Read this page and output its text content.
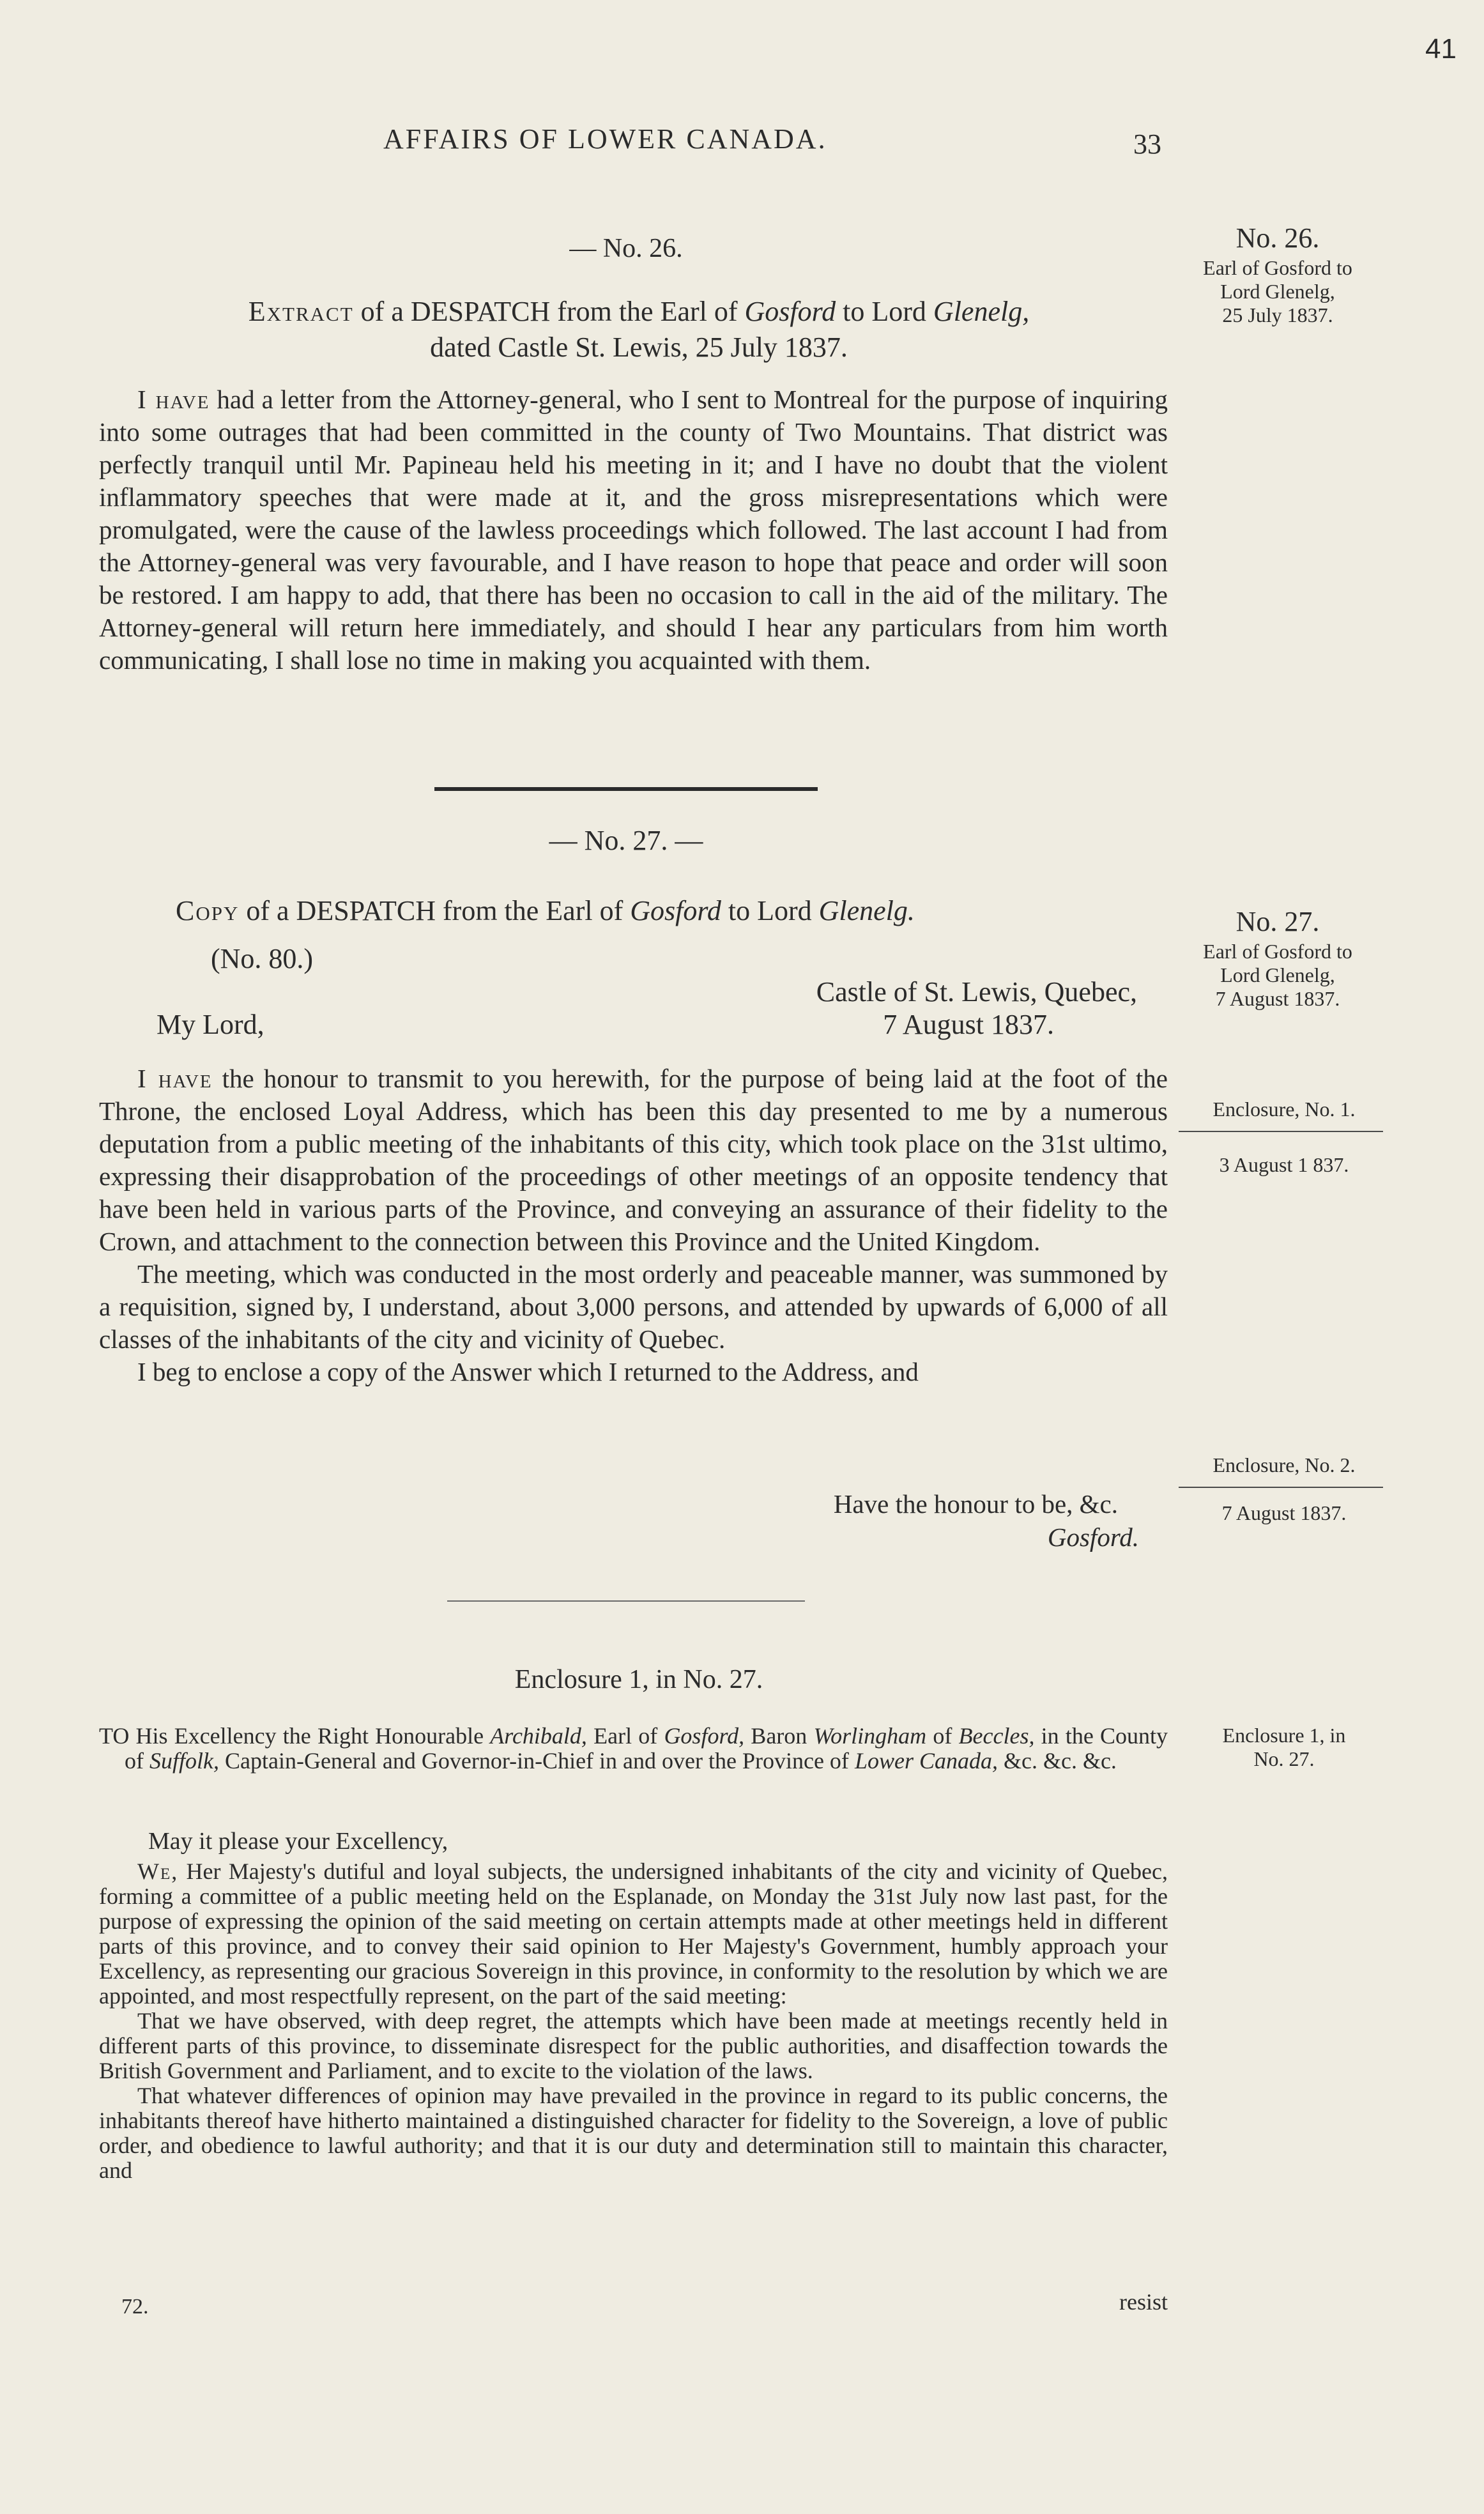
41
AFFAIRS OF LOWER CANADA.	33
— No. 26.
Extract of a DESPATCH from the Earl of Gosford to Lord Glenelg,
dated Castle St. Lewis, 25 July 1837.
No. 26.
Earl of Gosford to
Lord Glenelg,
25 July 1837.
I have had a letter from the Attorney-general, who I sent to Montreal for the purpose of inquiring into some outrages that had been committed in the county of Two Mountains. That district was perfectly tranquil until Mr. Papineau held his meeting in it; and I have no doubt that the violent inflammatory speeches that were made at it, and the gross misrepresentations which were promulgated, were the cause of the lawless proceedings which followed. The last account I had from the Attorney-general was very favourable, and I have reason to hope that peace and order will soon be restored. I am happy to add, that there has been no occasion to call in the aid of the military. The Attorney-general will return here immediately, and should I hear any particulars from him worth communicating, I shall lose no time in making you acquainted with them.
— No. 27. —
Copy of a DESPATCH from the Earl of Gosford to Lord Glenelg.
(No. 80.)
Castle of St. Lewis, Quebec,
My Lord,	7 August 1837.
No. 27.
Earl of Gosford to
Lord Glenelg,
7 August 1837.
Enclosure, No. 1.
3 August 1 837.
Enclosure, No. 2.
7 August 1837.

I have the honour to transmit to you herewith, for the purpose of being laid at the foot of the Throne, the enclosed Loyal Address, which has been this day presented to me by a numerous deputation from a public meeting of the inhabitants of this city, which took place on the 31st ultimo, expressing their disapprobation of the proceedings of other meetings of an opposite tendency that have been held in various parts of the Province, and conveying an assurance of their fidelity to the Crown, and attachment to the connection between this Province and the United Kingdom.

The meeting, which was conducted in the most orderly and peaceable manner, was summoned by a requisition, signed by, I understand, about 3,000 persons, and attended by upwards of 6,000 of all classes of the inhabitants of the city and vicinity of Quebec.

I beg to enclose a copy of the Answer which I returned to the Address, and

Have the honour to be, &c.
Gosford.
Enclosure 1, in No. 27.
Enclosure 1, in
No. 27.
TO His Excellency the Right Honourable Archibald, Earl of Gosford, Baron Worlingham of Beccles, in the County of Suffolk, Captain-General and Governor-in-Chief in and over the Province of Lower Canada, &c. &c. &c.
May it please your Excellency,

We, Her Majesty's dutiful and loyal subjects, the undersigned inhabitants of the city and vicinity of Quebec, forming a committee of a public meeting held on the Esplanade, on Monday the 31st July now last past, for the purpose of expressing the opinion of the said meeting on certain attempts made at other meetings held in different parts of this province, and to convey their said opinion to Her Majesty's Government, humbly approach your Excellency, as representing our gracious Sovereign in this province, in conformity to the resolution by which we are appointed, and most respectfully represent, on the part of the said meeting:

That we have observed, with deep regret, the attempts which have been made at meetings recently held in different parts of this province, to disseminate disrespect for the public authorities, and disaffection towards the British Government and Parliament, and to excite to the violation of the laws.

That whatever differences of opinion may have prevailed in the province in regard to its public concerns, the inhabitants thereof have hitherto maintained a distinguished character for fidelity to the Sovereign, a love of public order, and obedience to lawful authority; and that it is our duty and determination still to maintain this character, and

72.	resist
